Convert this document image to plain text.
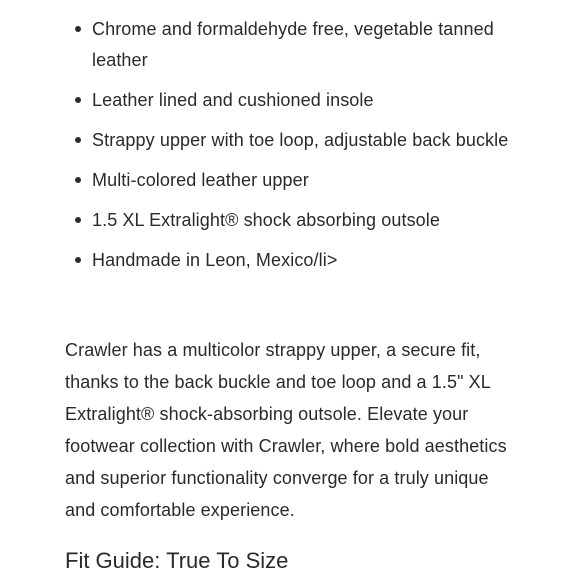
Chrome and formaldehyde free, vegetable tanned leather
Leather lined and cushioned insole
Strappy upper with toe loop, adjustable back buckle
Multi-colored leather upper
1.5 XL Extralight® shock absorbing outsole
Handmade in Leon, Mexico/li>

Crawler has a multicolor strappy upper, a secure fit, thanks to the back buckle and toe loop and a 1.5" XL Extralight® shock-absorbing outsole. Elevate your footwear collection with Crawler, where bold aesthetics and superior functionality converge for a truly unique and comfortable experience.

Fit Guide: True To Size
